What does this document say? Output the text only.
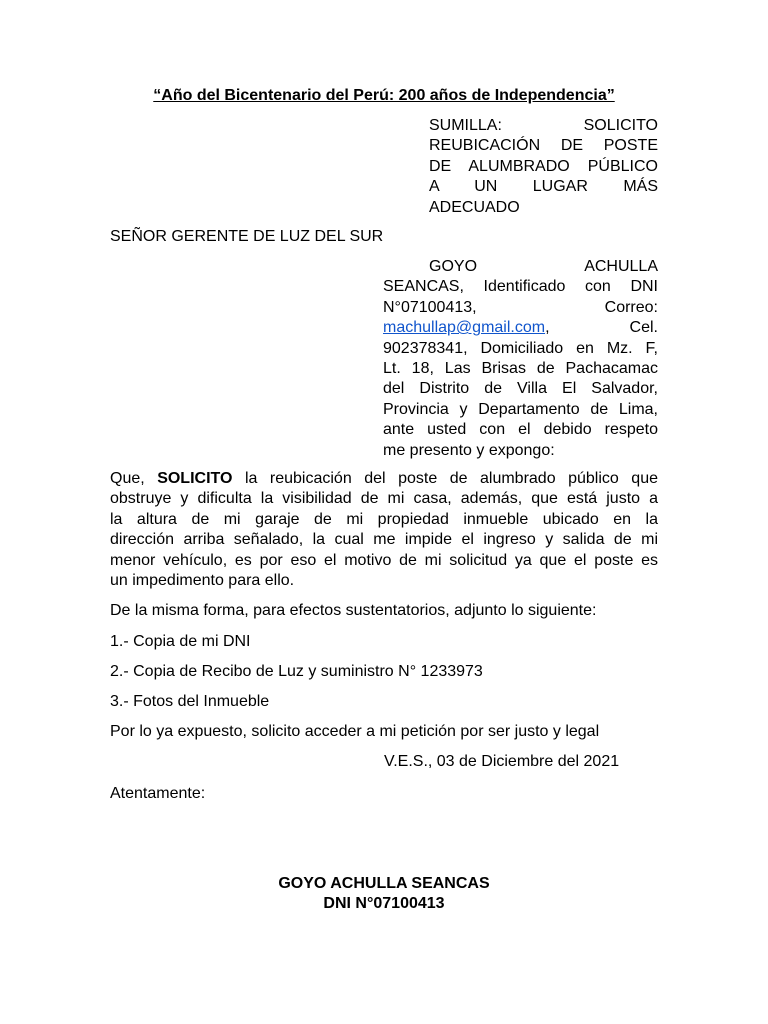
“Año del Bicentenario del Perú: 200 años de Independencia”

SUMILLA: SOLICITO
REUBICACIÓN DE POSTE
DE ALUMBRADO PÚBLICO
A UN LUGAR MÁS
ADECUADO

SEÑOR GERENTE DE LUZ DEL SUR

GOYO ACHULLA
SEANCAS, Identificado con DNI
N°07100413, Correo:
machullap@gmail.com, Cel.
902378341, Domiciliado en Mz. F,
Lt. 18, Las Brisas de Pachacamac
del Distrito de Villa El Salvador,
Provincia y Departamento de Lima,
ante usted con el debido respeto
me presento y expongo:
Que, SOLICITO la reubicación del poste de alumbrado público que
obstruye y dificulta la visibilidad de mi casa, además, que está justo a
la altura de mi garaje de mi propiedad inmueble ubicado en la
dirección arriba señalado, la cual me impide el ingreso y salida de mi
menor vehículo, es por eso el motivo de mi solicitud ya que el poste es
un impedimento para ello.

De la misma forma, para efectos sustentatorios, adjunto lo siguiente:

1.- Copia de mi DNI

2.- Copia de Recibo de Luz y suministro N° 1233973

3.- Fotos del Inmueble

Por lo ya expuesto, solicito acceder a mi petición por ser justo y legal

V.E.S., 03 de Diciembre del 2021

Atentamente:

GOYO ACHULLA SEANCAS

DNI N°07100413
